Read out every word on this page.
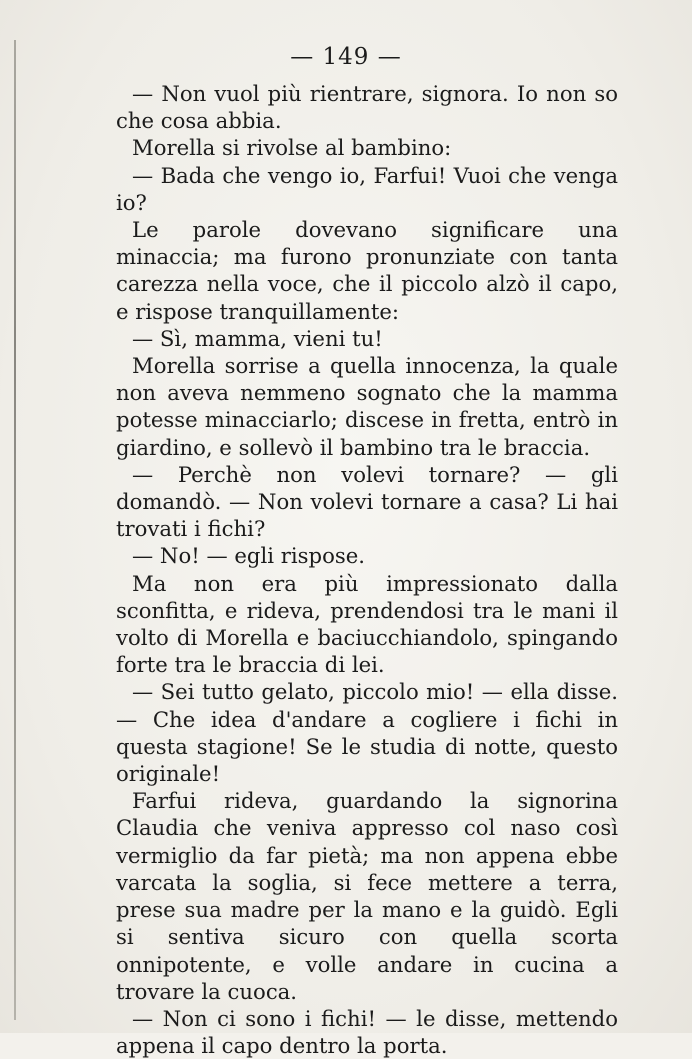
— 149 —

— Non vuol più rientrare, signora. Io non so che cosa abbia.

Morella si rivolse al bambino:

— Bada che vengo io, Farfui! Vuoi che venga io?

Le parole dovevano significare una minaccia; ma furono pronunziate con tanta carezza nella voce, che il piccolo alzò il capo, e rispose tranquillamente:

— Sì, mamma, vieni tu!

Morella sorrise a quella innocenza, la quale non aveva nemmeno sognato che la mamma potesse minacciarlo; discese in fretta, entrò in giardino, e sollevò il bambino tra le braccia.

— Perchè non volevi tornare? — gli domandò. — Non volevi tornare a casa? Li hai trovati i fichi?

— No! — egli rispose.

Ma non era più impressionato dalla sconfitta, e rideva, prendendosi tra le mani il volto di Morella e baciucchiandolo, spingando forte tra le braccia di lei.

— Sei tutto gelato, piccolo mio! — ella disse. — Che idea d'andare a cogliere i fichi in questa stagione! Se le studia di notte, questo originale!

Farfui rideva, guardando la signorina Claudia che veniva appresso col naso così vermiglio da far pietà; ma non appena ebbe varcata la soglia, si fece mettere a terra, prese sua madre per la mano e la guidò. Egli si sentiva sicuro con quella scorta onnipotente, e volle andare in cucina a trovare la cuoca.

— Non ci sono i fichi! — le disse, mettendo appena il capo dentro la porta.
